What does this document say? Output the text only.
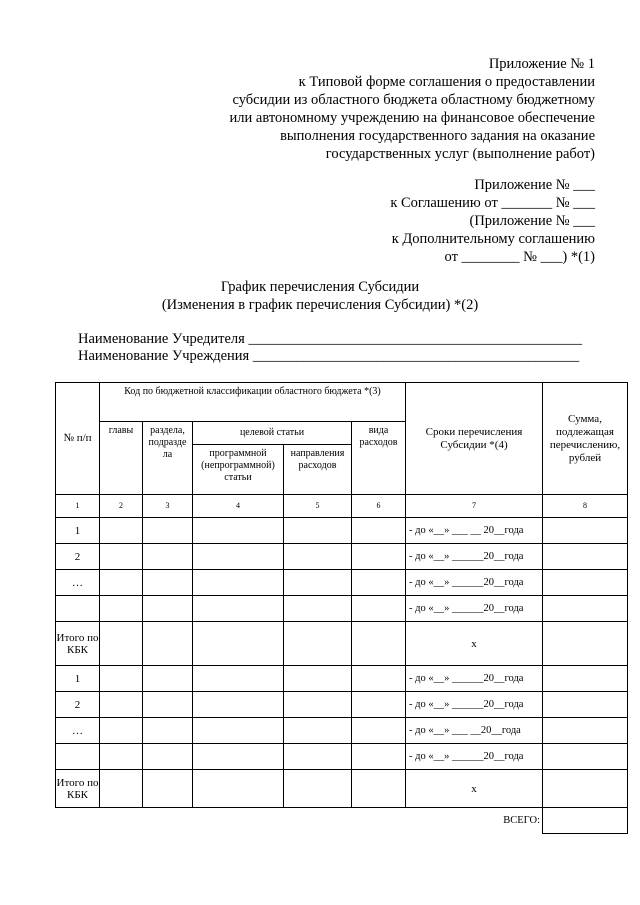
Приложение № 1
к Типовой форме соглашения о предоставлении
субсидии из областного бюджета областному бюджетному
или автономному учреждению на финансовое обеспечение
выполнения государственного задания на оказание
государственных услуг (выполнение работ)
Приложение № ___
к Соглашению от _______ № ___
(Приложение № ___
к Дополнительному соглашению
от ________ № ___) *(1)
График перечисления Субсидии
(Изменения в график перечисления Субсидии) *(2)
Наименование Учредителя ______________________________________________
Наименование Учреждения _____________________________________________
№ п/п	Код по бюджетной классификации областного бюджета *(3)					Сроки перечисления Субсидии *(4)	Сумма, подлежащая перечислению, рублей
	главы	раздела, подразде ла	целевой статьи		вида расходов		
			программной (непрограммной) статьи	направления расходов			
1	2	3	4	5	6	7	8
1						- до «__» ___ __ 20__года	
2						- до «__» ______20__года	
…						- до «__» ______20__года	
						- до «__» ______20__года	
Итого по КБК						x	
1						- до «__» ______20__года	
2						- до «__» ______20__года	
…						- до «__» ___ __20__года	
						- до «__» ______20__года	
Итого по КБК						x	
						ВСЕГО:	
